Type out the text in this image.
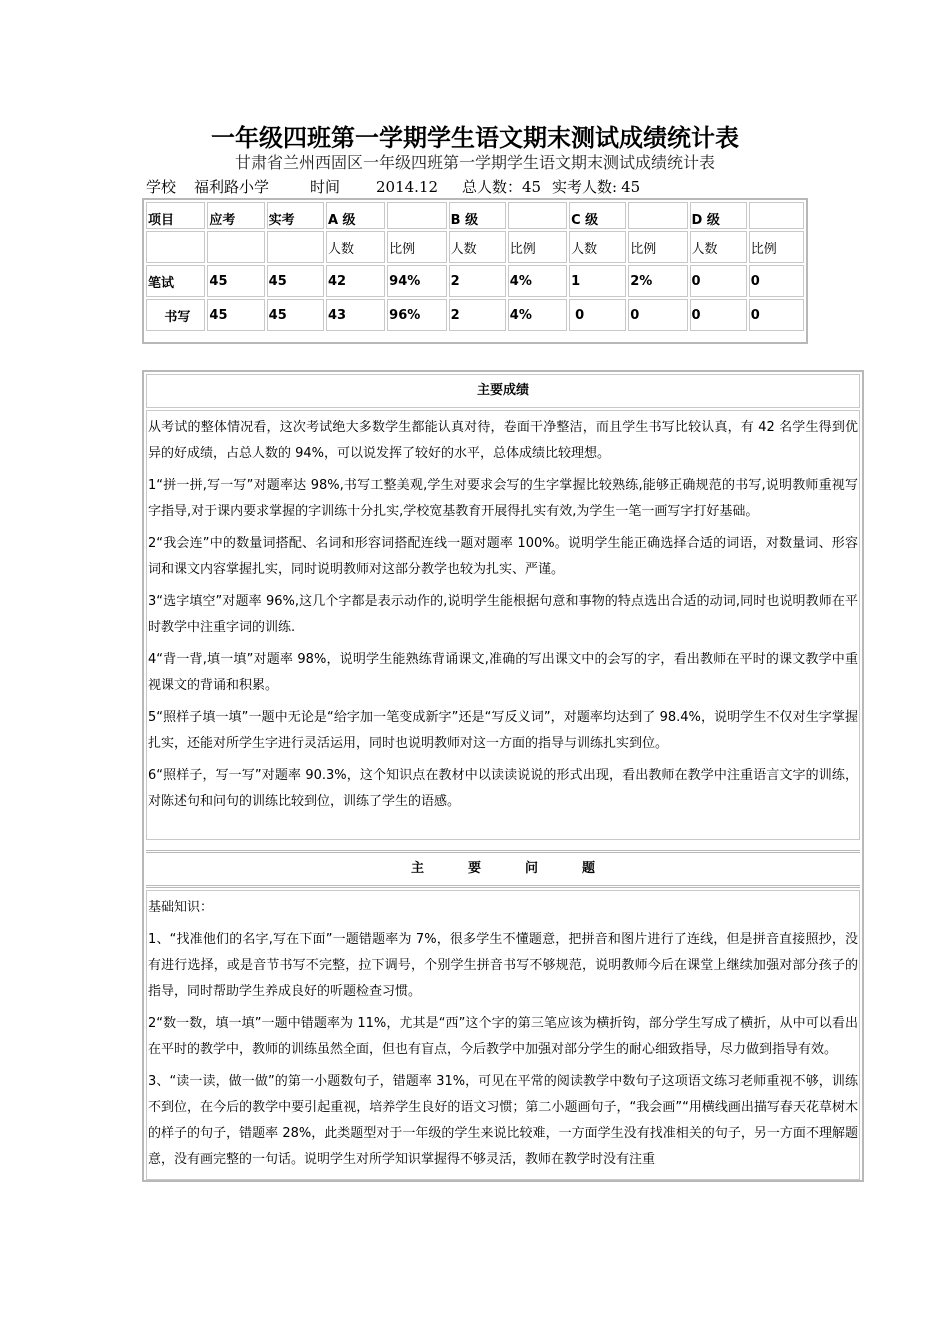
一年级四班第一学期学生语文期末测试成绩统计表
甘肃省兰州西固区一年级四班第一学期学生语文期末测试成绩统计表
学校 福利路小学	时间 2014.12 总人数：45 实考人数: 45
项目	应考	实考	A 级		B 级		C 级		D 级	
			人数	比例	人数	比例	人数	比例	人数	比例
笔试	45	45	42	94%	2	4%	1	2%	0	0
书写	45	45	43	96%	2	4%	0	0	0	0
主要成绩

从考试的整体情况看，这次考试绝大多数学生都能认真对待，卷面干净整洁，而且学生书写比较认真，有 42 名学生得到优异的好成绩，占总人数的 94%，可以说发挥了较好的水平，总体成绩比较理想。

1“拼一拼,写一写”对题率达 98%,书写工整美观,学生对要求会写的生字掌握比较熟练,能够正确规范的书写,说明教师重视写字指导,对于课内要求掌握的字训练十分扎实,学校宽基教育开展得扎实有效,为学生一笔一画写字打好基础。

2“我会连”中的数量词搭配、名词和形容词搭配连线一题对题率 100%。说明学生能正确选择合适的词语，对数量词、形容词和课文内容掌握扎实，同时说明教师对这部分教学也较为扎实、严谨。

3“选字填空”对题率 96%,这几个字都是表示动作的,说明学生能根据句意和事物的特点选出合适的动词,同时也说明教师在平时教学中注重字词的训练.

4“背一背,填一填”对题率 98%，说明学生能熟练背诵课文,准确的写出课文中的会写的字，看出教师在平时的课文教学中重视课文的背诵和积累。

5“照样子填一填”一题中无论是“给字加一笔变成新字”还是“写反义词”，对题率均达到了 98.4%，说明学生不仅对生字掌握扎实，还能对所学生字进行灵活运用，同时也说明教师对这一方面的指导与训练扎实到位。

6“照样子，写一写”对题率 90.3%，这个知识点在教材中以读读说说的形式出现，看出教师在教学中注重语言文字的训练，对陈述句和问句的训练比较到位，训练了学生的语感。

主	要	问	题

基础知识：

1、“找准他们的名字,写在下面”一题错题率为 7%，很多学生不懂题意，把拼音和图片进行了连线，但是拼音直接照抄，没有进行选择，或是音节书写不完整，拉下调号，个别学生拼音书写不够规范，说明教师今后在课堂上继续加强对部分孩子的指导，同时帮助学生养成良好的听题检查习惯。

2“数一数，填一填”一题中错题率为 11%，尤其是“西”这个字的第三笔应该为横折钩，部分学生写成了横折，从中可以看出在平时的教学中，教师的训练虽然全面，但也有盲点，今后教学中加强对部分学生的耐心细致指导，尽力做到指导有效。

3、“读一读，做一做”的第一小题数句子，错题率 31%，可见在平常的阅读教学中数句子这项语文练习老师重视不够，训练不到位，在今后的教学中要引起重视，培养学生良好的语文习惯；第二小题画句子，“我会画”“用横线画出描写春天花草树木的样子的句子，错题率 28%，此类题型对于一年级的学生来说比较难，一方面学生没有找准相关的句子，另一方面不理解题意，没有画完整的一句话。说明学生对所学知识掌握得不够灵活，教师在教学时没有注重
